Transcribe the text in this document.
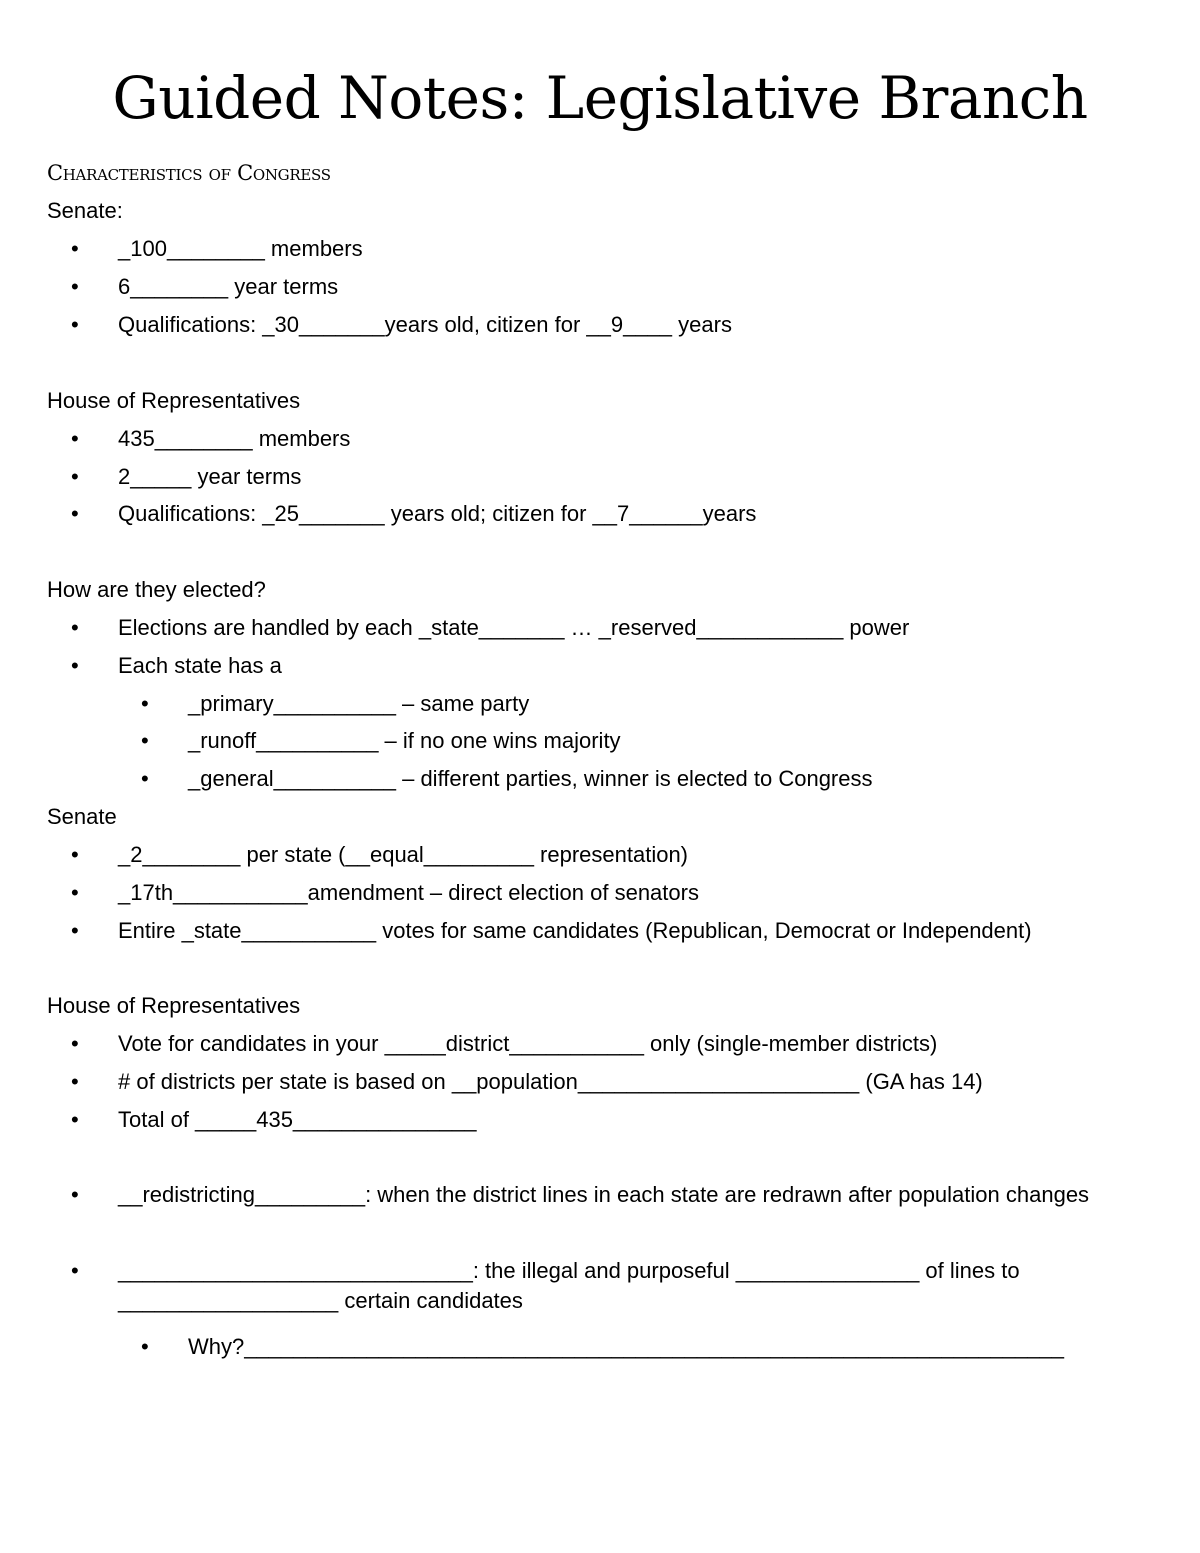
Guided Notes: Legislative Branch
Characteristics of Congress
Senate:
• _100________ members
• 6________ year terms
• Qualifications: _30_______years old, citizen for __9____ years
House of Representatives
• 435________ members
• 2_____ year terms
• Qualifications: _25_______ years old; citizen for __7______years
How are they elected?
• Elections are handled by each _state_______ … _reserved____________ power
• Each state has a
• _primary__________ – same party
• _runoff__________ – if no one wins majority
• _general__________ – different parties, winner is elected to Congress
Senate
• _2________ per state (__equal_________ representation)
• _17th___________amendment – direct election of senators
• Entire _state___________ votes for same candidates (Republican, Democrat or Independent)
House of Representatives
• Vote for candidates in your _____district___________ only (single-member districts)
• # of districts per state is based on __population_______________________ (GA has 14)
• Total of _____435_______________
• __redistricting_________: when the district lines in each state are redrawn after population changes
• _____________________________: the illegal and purposeful _______________ of lines to __________________ certain candidates
• Why?___________________________________________________________________
